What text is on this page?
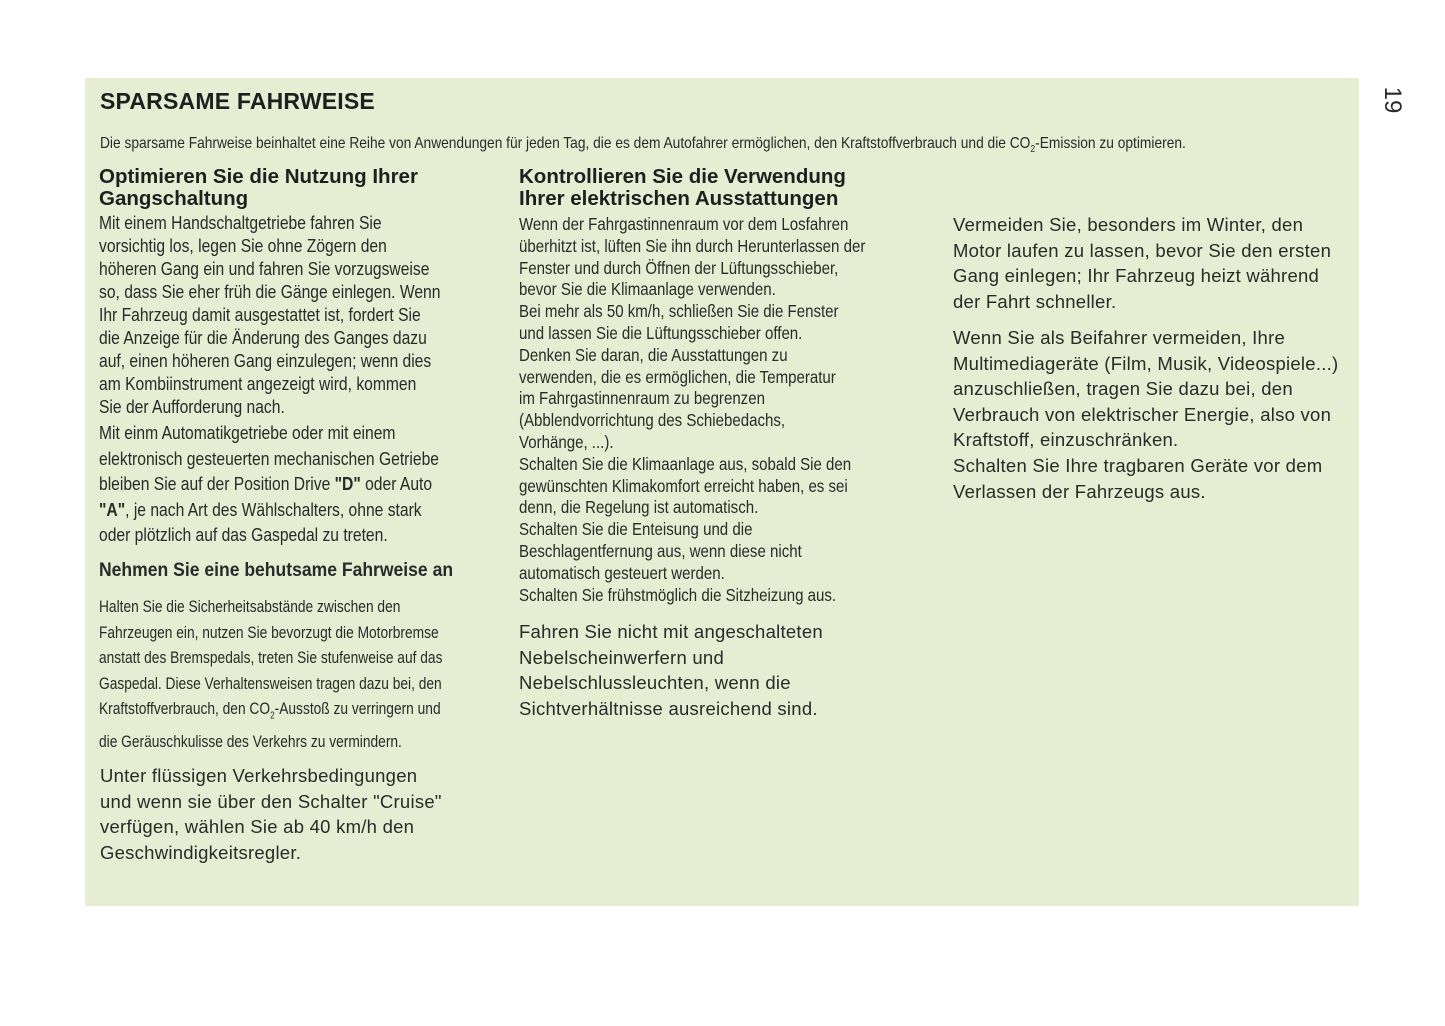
19
SPARSAME FAHRWEISE
Die sparsame Fahrweise beinhaltet eine Reihe von Anwendungen für jeden Tag, die es dem Autofahrer ermöglichen, den Kraftstoffverbrauch und die $CO_2$-Emission zu optimieren.
Optimieren Sie die Nutzung Ihrer
Gangschaltung
Mit einem Handschaltgetriebe fahren Sie
vorsichtig los, legen Sie ohne Zögern den
höheren Gang ein und fahren Sie vorzugsweise
so, dass Sie eher früh die Gänge einlegen. Wenn
Ihr Fahrzeug damit ausgestattet ist, fordert Sie
die Anzeige für die Änderung des Ganges dazu
auf, einen höheren Gang einzulegen; wenn dies
am Kombiinstrument angezeigt wird, kommen
Sie der Aufforderung nach.
Mit einm Automatikgetriebe oder mit einem
elektronisch gesteuerten mechanischen Getriebe
bleiben Sie auf der Position Drive "D" oder Auto
"A", je nach Art des Wählschalters, ohne stark
oder plötzlich auf das Gaspedal zu treten.
Nehmen Sie eine behutsame Fahrweise an
Halten Sie die Sicherheitsabstände zwischen den
Fahrzeugen ein, nutzen Sie bevorzugt die Motorbremse
anstatt des Bremspedals, treten Sie stufenweise auf das
Gaspedal. Diese Verhaltensweisen tragen dazu bei, den
Kraftstoffverbrauch, den $CO_2$-Ausstoß zu verringern und
die Geräuschkulisse des Verkehrs zu vermindern.
Unter flüssigen Verkehrsbedingungen
und wenn sie über den Schalter "Cruise"
verfügen, wählen Sie ab 40 km/h den
Geschwindigkeitsregler.
Kontrollieren Sie die Verwendung
Ihrer elektrischen Ausstattungen
Wenn der Fahrgastinnenraum vor dem Losfahren
überhitzt ist, lüften Sie ihn durch Herunterlassen der
Fenster und durch Öffnen der Lüftungsschieber,
bevor Sie die Klimaanlage verwenden.
Bei mehr als 50 km/h, schließen Sie die Fenster
und lassen Sie die Lüftungsschieber offen.
Denken Sie daran, die Ausstattungen zu
verwenden, die es ermöglichen, die Temperatur
im Fahrgastinnenraum zu begrenzen
(Abblendvorrichtung des Schiebedachs,
Vorhänge, ...).
Schalten Sie die Klimaanlage aus, sobald Sie den
gewünschten Klimakomfort erreicht haben, es sei
denn, die Regelung ist automatisch.
Schalten Sie die Enteisung und die
Beschlagentfernung aus, wenn diese nicht
automatisch gesteuert werden.
Schalten Sie frühstmöglich die Sitzheizung aus.
Fahren Sie nicht mit angeschalteten
Nebelscheinwerfern und
Nebelschlussleuchten, wenn die
Sichtverhältnisse ausreichend sind.
Vermeiden Sie, besonders im Winter, den
Motor laufen zu lassen, bevor Sie den ersten
Gang einlegen; Ihr Fahrzeug heizt während
der Fahrt schneller.
Wenn Sie als Beifahrer vermeiden, Ihre
Multimediageräte (Film, Musik, Videospiele...)
anzuschließen, tragen Sie dazu bei, den
Verbrauch von elektrischer Energie, also von
Kraftstoff, einzuschränken.
Schalten Sie Ihre tragbaren Geräte vor dem
Verlassen der Fahrzeugs aus.
